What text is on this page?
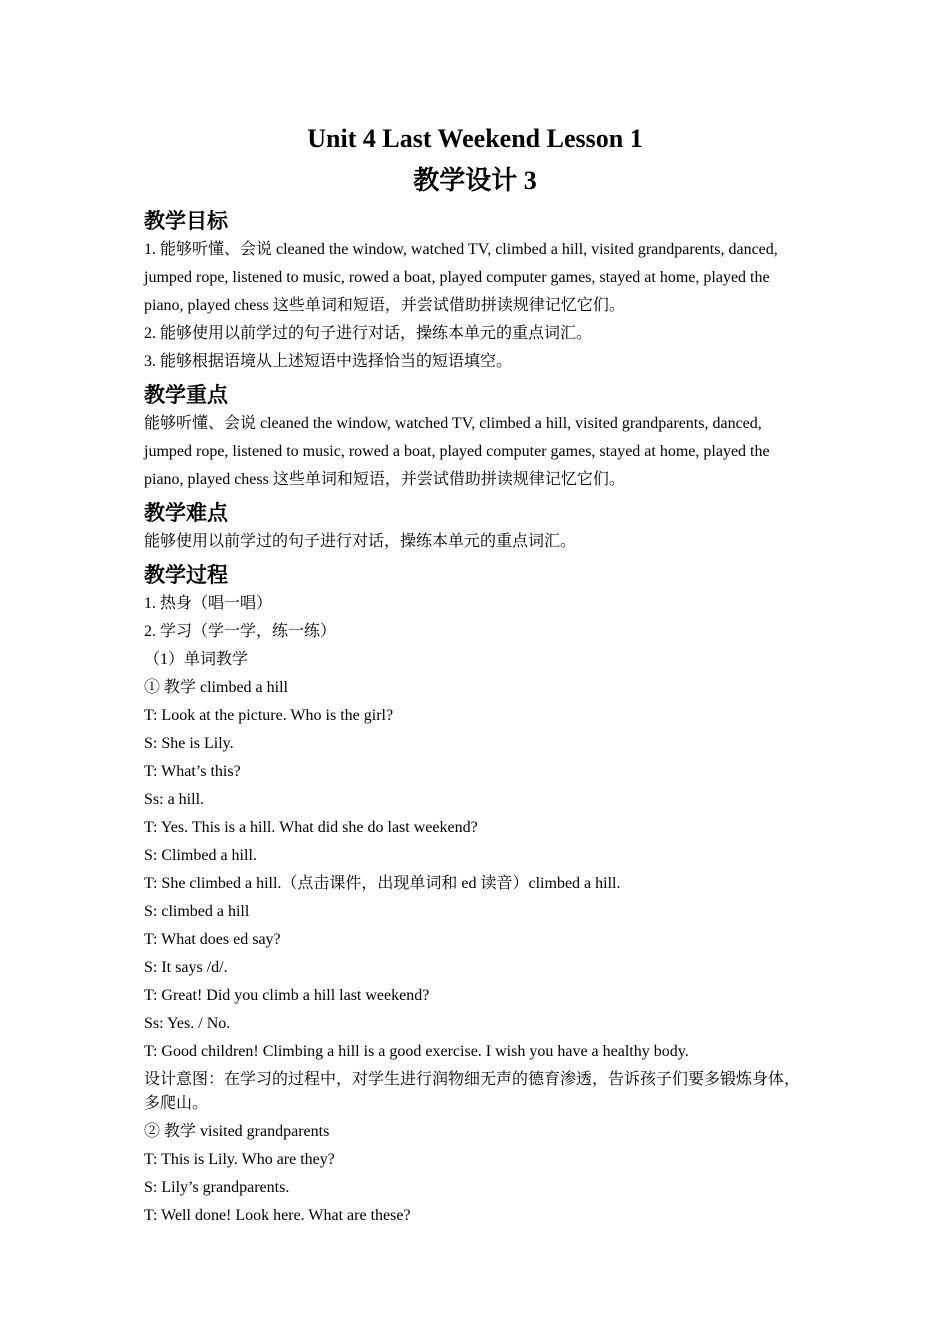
Unit 4 Last Weekend Lesson 1
教学设计 3
教学目标

1. 能够听懂、会说 cleaned the window, watched TV, climbed a hill, visited grandparents, danced, jumped rope, listened to music, rowed a boat, played computer games, stayed at home, played the piano, played chess 这些单词和短语，并尝试借助拼读规律记忆它们。

2. 能够使用以前学过的句子进行对话，操练本单元的重点词汇。

3. 能够根据语境从上述短语中选择恰当的短语填空。

教学重点

能够听懂、会说 cleaned the window, watched TV, climbed a hill, visited grandparents, danced, jumped rope, listened to music, rowed a boat, played computer games, stayed at home, played the piano, played chess 这些单词和短语，并尝试借助拼读规律记忆它们。

教学难点

能够使用以前学过的句子进行对话，操练本单元的重点词汇。

教学过程

1. 热身（唱一唱）

2. 学习（学一学，练一练）

（1）单词教学

① 教学 climbed a hill

T: Look at the picture. Who is the girl?

S: She is Lily.

T: What’s this?

Ss: a hill.

T: Yes. This is a hill. What did she do last weekend?

S: Climbed a hill.

T: She climbed a hill.（点击课件，出现单词和 ed 读音）climbed a hill.

S: climbed a hill

T: What does ed say?

S: It says /d/.

T: Great! Did you climb a hill last weekend?

Ss: Yes. / No.

T: Good children! Climbing a hill is a good exercise. I wish you have a healthy body.

设计意图：在学习的过程中，对学生进行润物细无声的德育渗透，告诉孩子们要多锻炼身体，多爬山。

② 教学 visited grandparents

T: This is Lily. Who are they?

S: Lily’s grandparents.

T: Well done! Look here. What are these?
